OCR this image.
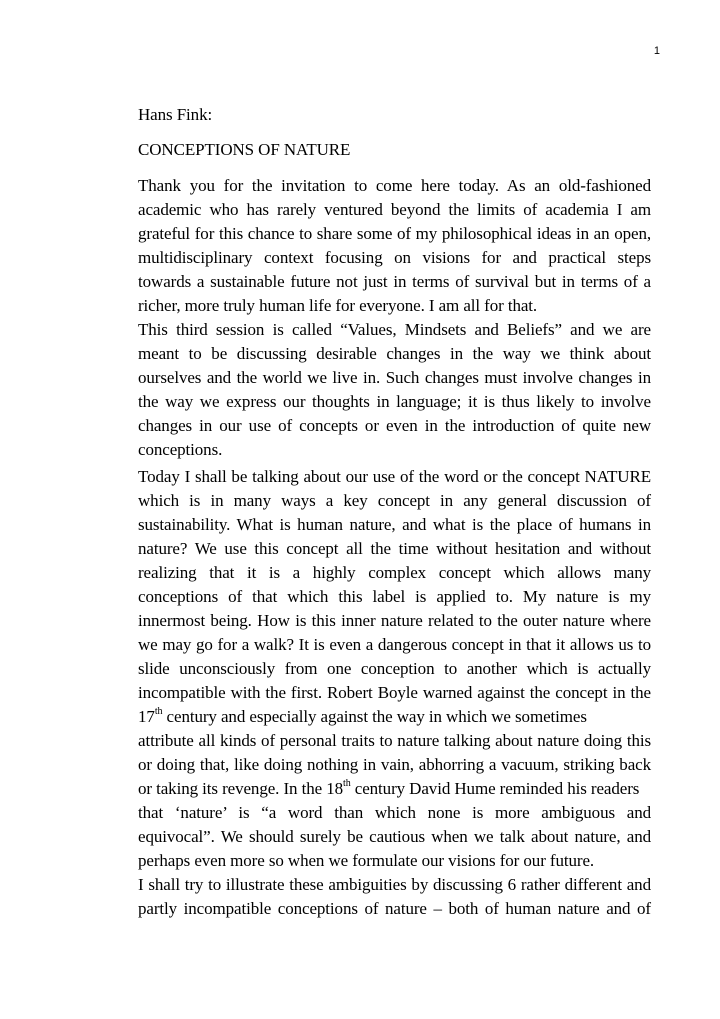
1

Hans Fink:

CONCEPTIONS OF NATURE

Thank you for the invitation to come here today. As an old-fashioned

academic who has rarely ventured beyond the limits of academia I am

grateful for this chance to share some of my philosophical ideas in an open,

multidisciplinary context focusing on visions for and practical steps

towards a sustainable future not just in terms of survival but in terms of a

richer, more truly human life for everyone. I am all for that.

This third session is called “Values, Mindsets and Beliefs” and we are

meant to be discussing desirable changes in the way we think about

ourselves and the world we live in. Such changes must involve changes in

the way we express our thoughts in language; it is thus likely to involve

changes in our use of concepts or even in the introduction of quite new

conceptions.

Today I shall be talking about our use of the word or the concept NATURE

which is in many ways a key concept in any general discussion of

sustainability. What is human nature, and what is the place of humans in

nature? We use this concept all the time without hesitation and without

realizing that it is a highly complex concept which allows many

conceptions of that which this label is applied to. My nature is my

innermost being. How is this inner nature related to the outer nature where

we may go for a walk? It is even a dangerous concept in that it allows us to

slide unconsciously from one conception to another which is actually

incompatible with the first. Robert Boyle warned against the concept in the

17th century and especially against the way in which we sometimes

attribute all kinds of personal traits to nature talking about nature doing this

or doing that, like doing nothing in vain, abhorring a vacuum, striking back

or taking its revenge. In the 18th century David Hume reminded his readers

that ‘nature’ is “a word than which none is more ambiguous and

equivocal”. We should surely be cautious when we talk about nature, and

perhaps even more so when we formulate our visions for our future.

I shall try to illustrate these ambiguities by discussing 6 rather different and

partly incompatible conceptions of nature – both of human nature and of
